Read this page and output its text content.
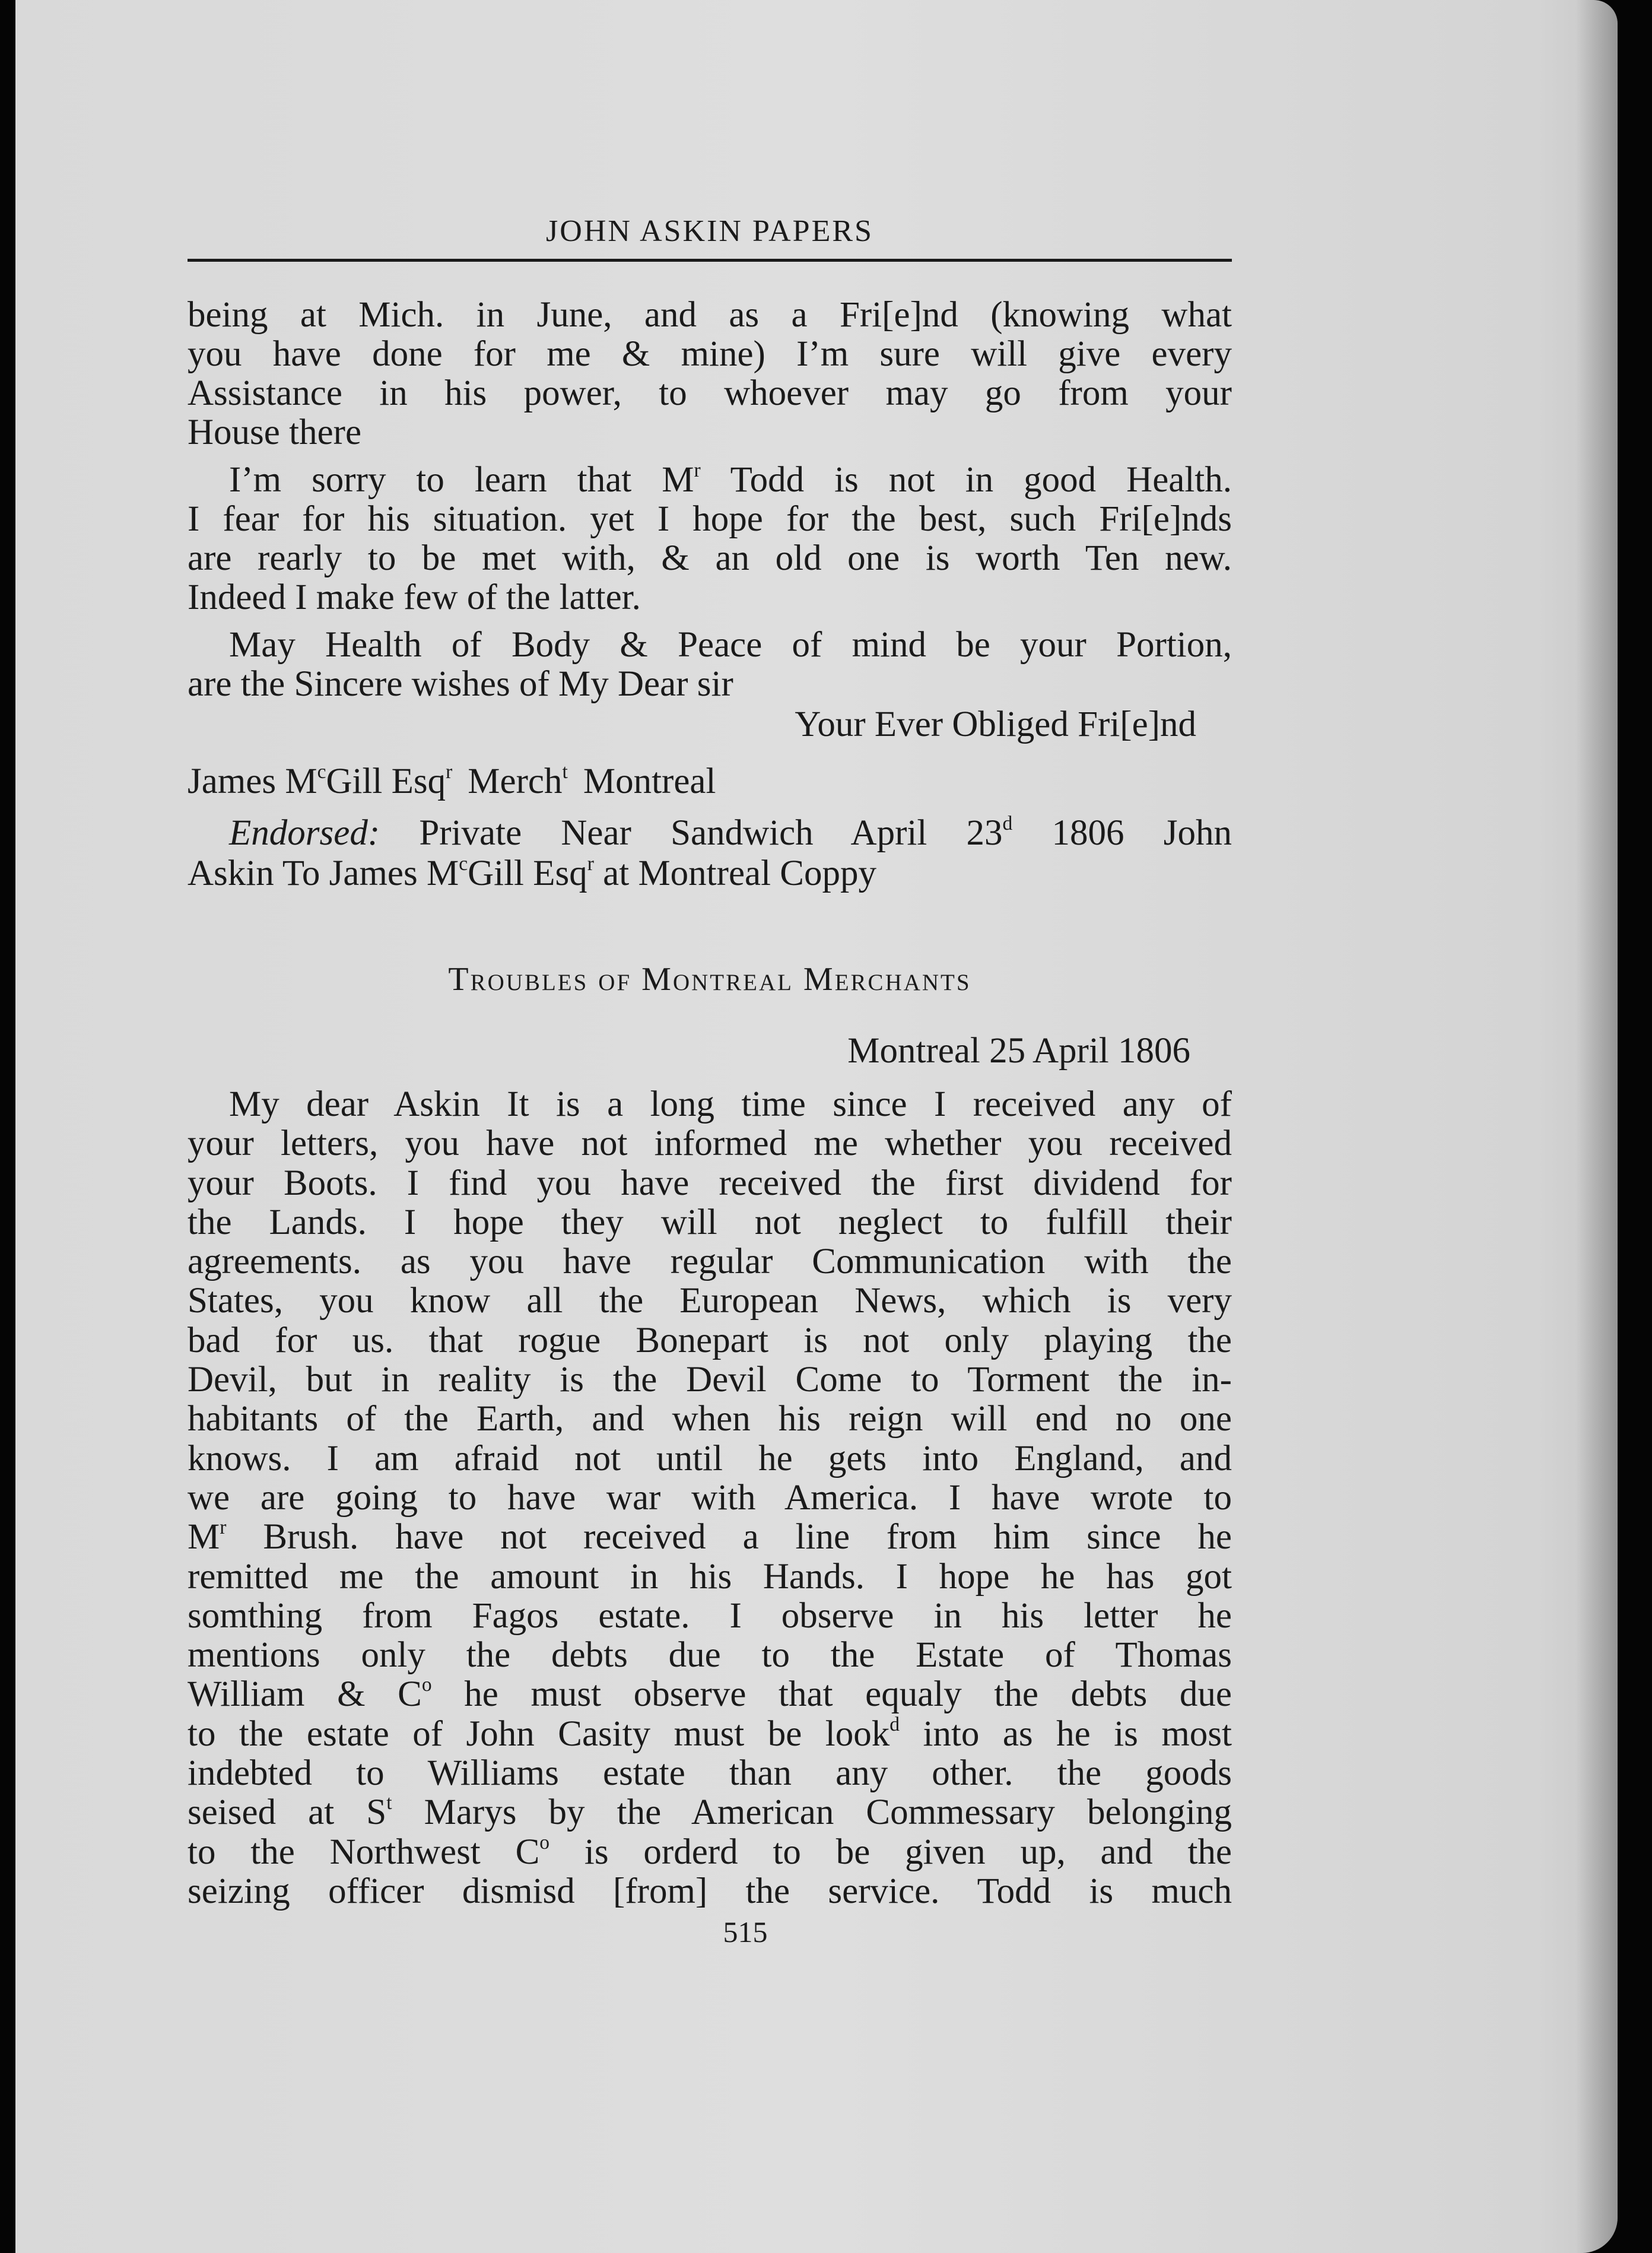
JOHN ASKIN PAPERS
being at Mich. in June, and as a Fri[e]nd (knowing what
you have done for me & mine) I’m sure will give every
Assistance in his power, to whoever may go from your
House there
I’m sorry to learn that $M^r$ Todd is not in good Health.
I fear for his situation. yet I hope for the best, such Fri[e]nds
are rearly to be met with, & an old one is worth Ten new.
Indeed I make few of the latter.
May Health of Body & Peace of mind be your Portion,
are the Sincere wishes of My Dear sir
Your Ever Obliged Fri[e]nd
James $M^cGill$ Esq$^r$ Merch$^t$ Montreal
Endorsed: Private Near Sandwich April 23$^d$ 1806 John
Askin To James $M^cGill$ Esq$^r$ at Montreal Coppy
Troubles of Montreal Merchants
Montreal 25 April 1806
My dear Askin It is a long time since I received any of
your letters, you have not informed me whether you received
your Boots. I find you have received the first dividend for
the Lands. I hope they will not neglect to fulfill their
agreements. as you have regular Communication with the
States, you know all the European News, which is very
bad for us. that rogue Bonepart is not only playing the
Devil, but in reality is the Devil Come to Torment the in-
habitants of the Earth, and when his reign will end no one
knows. I am afraid not until he gets into England, and
we are going to have war with America. I have wrote to
$M^r$ Brush. have not received a line from him since he
remitted me the amount in his Hands. I hope he has got
somthing from Fagos estate. I observe in his letter he
mentions only the debts due to the Estate of Thomas
William & $C^o$ he must observe that equaly the debts due
to the estate of John Casity must be look$^d$ into as he is most
indebted to Williams estate than any other. the goods
seised at $S^t$ Marys by the American Commessary belonging
to the Northwest $C^o$ is orderd to be given up, and the
seizing officer dismisd [from] the service. Todd is much
515
